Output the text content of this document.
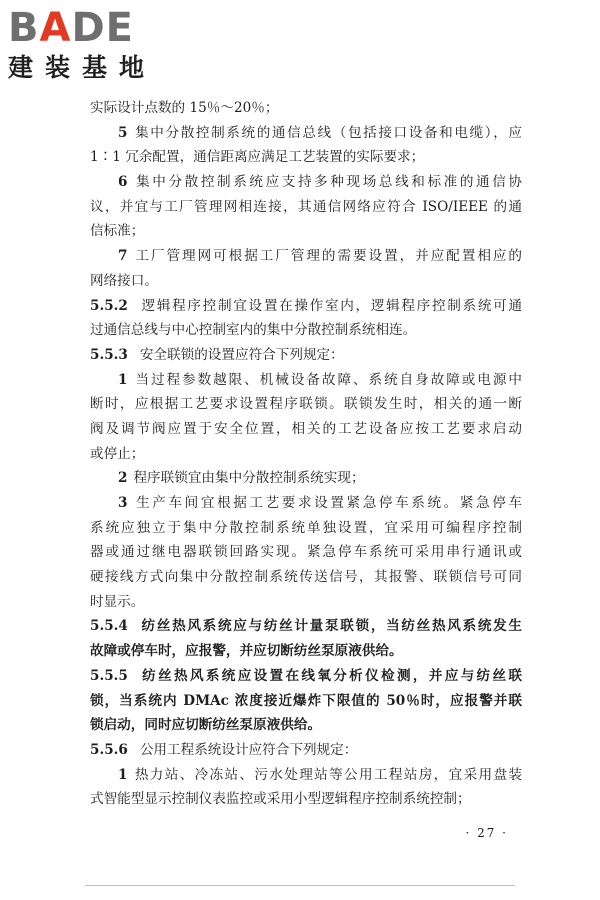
BADE
建装基地
实际设计点数的 15％～20％；
5 集中分散控制系统的通信总线（包括接口设备和电缆），应
1∶1 冗余配置，通信距离应满足工艺装置的实际要求；
6 集中分散控制系统应支持多种现场总线和标准的通信协
议，并宜与工厂管理网相连接，其通信网络应符合 ISO/IEEE 的通
信标准；
7 工厂管理网可根据工厂管理的需要设置，并应配置相应的
网络接口。
5.5.2 逻辑程序控制宜设置在操作室内，逻辑程序控制系统可通
过通信总线与中心控制室内的集中分散控制系统相连。
5.5.3 安全联锁的设置应符合下列规定：
1 当过程参数越限、机械设备故障、系统自身故障或电源中
断时，应根据工艺要求设置程序联锁。联锁发生时，相关的通一断
阀及调节阀应置于安全位置，相关的工艺设备应按工艺要求启动
或停止；
2 程序联锁宜由集中分散控制系统实现；
3 生产车间宜根据工艺要求设置紧急停车系统。紧急停车
系统应独立于集中分散控制系统单独设置，宜采用可编程序控制
器或通过继电器联锁回路实现。紧急停车系统可采用串行通讯或
硬接线方式向集中分散控制系统传送信号，其报警、联锁信号可同
时显示。
5.5.4 纺丝热风系统应与纺丝计量泵联锁，当纺丝热风系统发生
故障或停车时，应报警，并应切断纺丝泵原液供给。
5.5.5 纺丝热风系统应设置在线氧分析仪检测，并应与纺丝联
锁，当系统内 DMAc 浓度接近爆炸下限值的 50％时，应报警并联
锁启动，同时应切断纺丝泵原液供给。
5.5.6 公用工程系统设计应符合下列规定：
1 热力站、冷冻站、污水处理站等公用工程站房，宜采用盘装
式智能型显示控制仪表监控或采用小型逻辑程序控制系统控制；
· 27 ·
